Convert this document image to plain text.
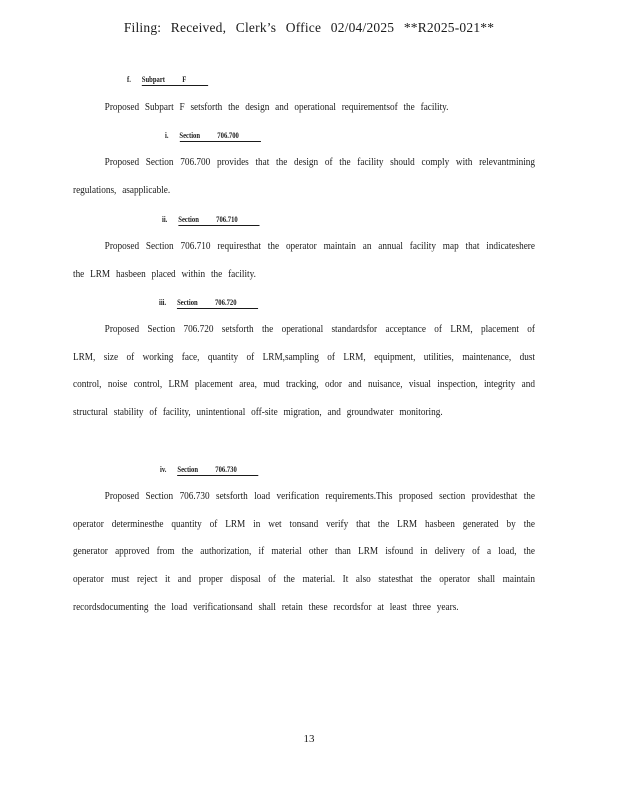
Filing: Received, Clerk’s Office 02/04/2025 **R2025-021**
f. Subpart F
Proposed Subpart F setsforth the design and operational requirementsof the facility.
i. Section 706.700
Proposed Section 706.700 provides that the design of the facility should comply with relevantmining regulations, asapplicable.
ii. Section 706.710
Proposed Section 706.710 requiresthat the operator maintain an annual facility map that indicateshere the LRM hasbeen placed within the facility.
iii. Section 706.720
Proposed Section 706.720 setsforth the operational standardsfor acceptance of LRM, placement of LRM, size of working face, quantity of LRM,sampling of LRM, equipment, utilities, maintenance, dust control, noise control, LRM placement area, mud tracking, odor and nuisance, visual inspection, integrity and structural stability of facility, unintentional off-site migration, and groundwater monitoring.
iv. Section 706.730
Proposed Section 706.730 setsforth load verification requirements.This proposed section providesthat the operator determinesthe quantity of LRM in wet tonsand verify that the LRM hasbeen generated by the generator approved from the authorization, if material other than LRM isfound in delivery of a load, the operator must reject it and proper disposal of the material. It also statesthat the operator shall maintain recordsdocumenting the load verificationsand shall retain these recordsfor at least three years.
13
